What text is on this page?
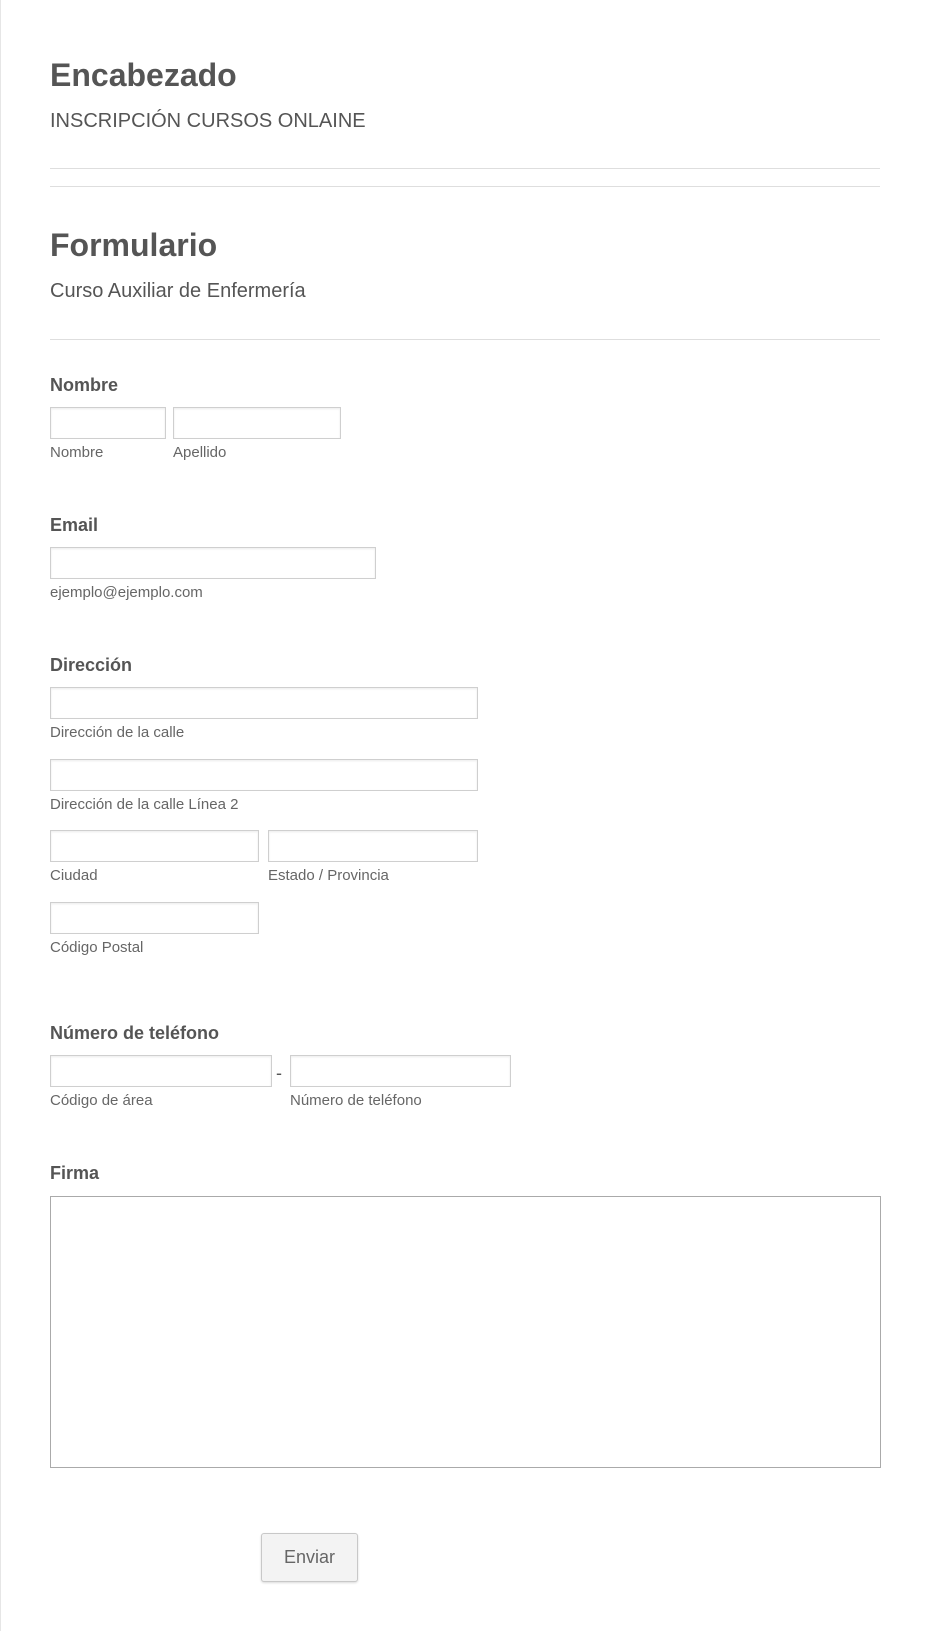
Encabezado
INSCRIPCIÓN CURSOS ONLAINE
Formulario
Curso Auxiliar de Enfermería
Nombre
Nombre	Apellido
Email
ejemplo@ejemplo.com
Dirección
Dirección de la calle
Dirección de la calle Línea 2
Ciudad	Estado / Provincia
Código Postal
Número de teléfono
-
Código de área	Número de teléfono
Firma
Enviar
